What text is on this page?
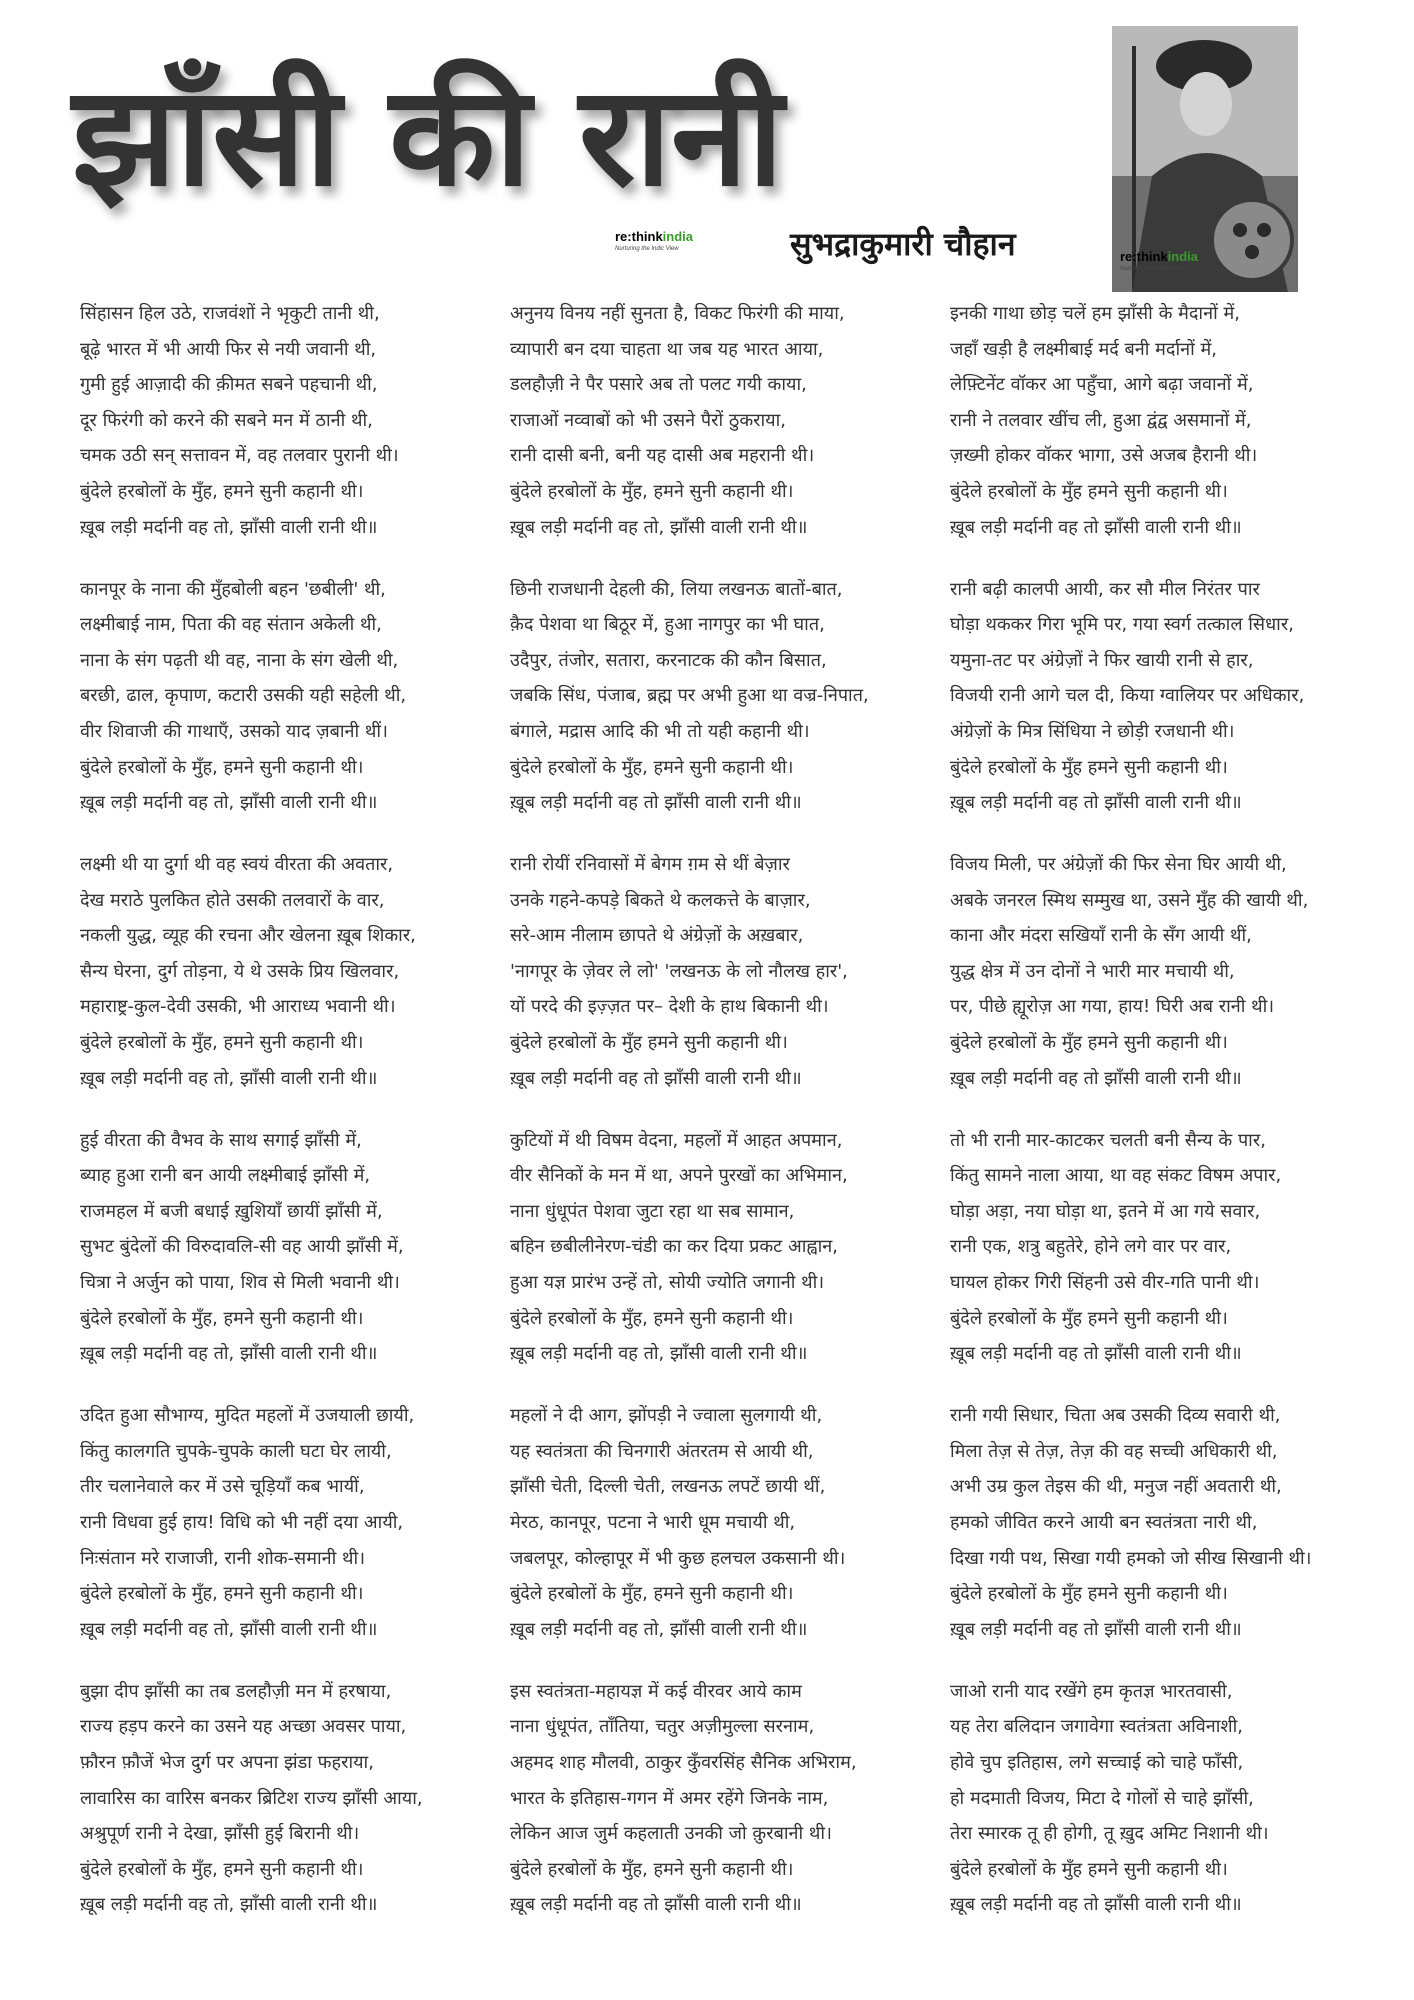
झाँसी की रानी
सुभद्राकुमारी चौहान
re:thinkindia
Nurturing the Indic View	re:thinkindia
Nurturing the Indic View
सिंहासन हिल उठे, राजवंशों ने भृकुटी तानी थी,
बूढ़े भारत में भी आयी फिर से नयी जवानी थी,
गुमी हुई आज़ादी की क़ीमत सबने पहचानी थी,
दूर फिरंगी को करने की सबने मन में ठानी थी,
चमक उठी सन् सत्तावन में, वह तलवार पुरानी थी।
बुंदेले हरबोलों के मुँह, हमने सुनी कहानी थी।
ख़ूब लड़ी मर्दानी वह तो, झाँसी वाली रानी थी॥
कानपूर के नाना की मुँहबोली बहन 'छबीली' थी,
लक्ष्मीबाई नाम, पिता की वह संतान अकेली थी,
नाना के संग पढ़ती थी वह, नाना के संग खेली थी,
बरछी, ढाल, कृपाण, कटारी उसकी यही सहेली थी,
वीर शिवाजी की गाथाएँ, उसको याद ज़बानी थीं।
बुंदेले हरबोलों के मुँह, हमने सुनी कहानी थी।
ख़ूब लड़ी मर्दानी वह तो, झाँसी वाली रानी थी॥
लक्ष्मी थी या दुर्गा थी वह स्वयं वीरता की अवतार,
देख मराठे पुलकित होते उसकी तलवारों के वार,
नकली युद्ध, व्यूह की रचना और खेलना ख़ूब शिकार,
सैन्य घेरना, दुर्ग तोड़ना, ये थे उसके प्रिय खिलवार,
महाराष्ट्र-कुल-देवी उसकी, भी आराध्य भवानी थी।
बुंदेले हरबोलों के मुँह, हमने सुनी कहानी थी।
ख़ूब लड़ी मर्दानी वह तो, झाँसी वाली रानी थी॥
हुई वीरता की वैभव के साथ सगाई झाँसी में,
ब्याह हुआ रानी बन आयी लक्ष्मीबाई झाँसी में,
राजमहल में बजी बधाई ख़ुशियाँ छायीं झाँसी में,
सुभट बुंदेलों की विरुदावलि-सी वह आयी झाँसी में,
चित्रा ने अर्जुन को पाया, शिव से मिली भवानी थी।
बुंदेले हरबोलों के मुँह, हमने सुनी कहानी थी।
ख़ूब लड़ी मर्दानी वह तो, झाँसी वाली रानी थी॥
उदित हुआ सौभाग्य, मुदित महलों में उजयाली छायी,
किंतु कालगति चुपके-चुपके काली घटा घेर लायी,
तीर चलानेवाले कर में उसे चूड़ियाँ कब भायीं,
रानी विधवा हुई हाय! विधि को भी नहीं दया आयी,
निःसंतान मरे राजाजी, रानी शोक-समानी थी।
बुंदेले हरबोलों के मुँह, हमने सुनी कहानी थी।
ख़ूब लड़ी मर्दानी वह तो, झाँसी वाली रानी थी॥
बुझा दीप झाँसी का तब डलहौज़ी मन में हरषाया,
राज्य हड़प करने का उसने यह अच्छा अवसर पाया,
फ़ौरन फ़ौजें भेज दुर्ग पर अपना झंडा फहराया,
लावारिस का वारिस बनकर ब्रिटिश राज्य झाँसी आया,
अश्रुपूर्ण रानी ने देखा, झाँसी हुई बिरानी थी।
बुंदेले हरबोलों के मुँह, हमने सुनी कहानी थी।
ख़ूब लड़ी मर्दानी वह तो, झाँसी वाली रानी थी॥
अनुनय विनय नहीं सुनता है, विकट फिरंगी की माया,
व्यापारी बन दया चाहता था जब यह भारत आया,
डलहौज़ी ने पैर पसारे अब तो पलट गयी काया,
राजाओं नव्वाबों को भी उसने पैरों ठुकराया,
रानी दासी बनी, बनी यह दासी अब महरानी थी।
बुंदेले हरबोलों के मुँह, हमने सुनी कहानी थी।
ख़ूब लड़ी मर्दानी वह तो, झाँसी वाली रानी थी॥
छिनी राजधानी देहली की, लिया लखनऊ बातों-बात,
क़ैद पेशवा था बिठूर में, हुआ नागपुर का भी घात,
उदैपुर, तंजोर, सतारा, करनाटक की कौन बिसात,
जबकि सिंध, पंजाब, ब्रह्म पर अभी हुआ था वज्र-निपात,
बंगाले, मद्रास आदि की भी तो यही कहानी थी।
बुंदेले हरबोलों के मुँह, हमने सुनी कहानी थी।
ख़ूब लड़ी मर्दानी वह तो झाँसी वाली रानी थी॥
रानी रोयीं रनिवासों में बेगम ग़म से थीं बेज़ार
उनके गहने-कपड़े बिकते थे कलकत्ते के बाज़ार,
सरे-आम नीलाम छापते थे अंग्रेज़ों के अख़बार,
'नागपूर के ज़ेवर ले लो' 'लखनऊ के लो नौलख हार',
यों परदे की इज़्ज़त पर– देशी के हाथ बिकानी थी।
बुंदेले हरबोलों के मुँह हमने सुनी कहानी थी।
ख़ूब लड़ी मर्दानी वह तो झाँसी वाली रानी थी॥
कुटियों में थी विषम वेदना, महलों में आहत अपमान,
वीर सैनिकों के मन में था, अपने पुरखों का अभिमान,
नाना धुंधूपंत पेशवा जुटा रहा था सब सामान,
बहिन छबीलीनेरण-चंडी का कर दिया प्रकट आह्वान,
हुआ यज्ञ प्रारंभ उन्हें तो, सोयी ज्योति जगानी थी।
बुंदेले हरबोलों के मुँह, हमने सुनी कहानी थी।
ख़ूब लड़ी मर्दानी वह तो, झाँसी वाली रानी थी॥
महलों ने दी आग, झोंपड़ी ने ज्वाला सुलगायी थी,
यह स्वतंत्रता की चिनगारी अंतरतम से आयी थी,
झाँसी चेती, दिल्ली चेती, लखनऊ लपटें छायी थीं,
मेरठ, कानपूर, पटना ने भारी धूम मचायी थी,
जबलपूर, कोल्हापूर में भी कुछ हलचल उकसानी थी।
बुंदेले हरबोलों के मुँह, हमने सुनी कहानी थी।
ख़ूब लड़ी मर्दानी वह तो, झाँसी वाली रानी थी॥
इस स्वतंत्रता-महायज्ञ में कई वीरवर आये काम
नाना धुंधूपंत, ताँतिया, चतुर अज़ीमुल्ला सरनाम,
अहमद शाह मौलवी, ठाकुर कुँवरसिंह सैनिक अभिराम,
भारत के इतिहास-गगन में अमर रहेंगे जिनके नाम,
लेकिन आज जुर्म कहलाती उनकी जो क़ुरबानी थी।
बुंदेले हरबोलों के मुँह, हमने सुनी कहानी थी।
ख़ूब लड़ी मर्दानी वह तो झाँसी वाली रानी थी॥
इनकी गाथा छोड़ चलें हम झाँसी के मैदानों में,
जहाँ खड़ी है लक्ष्मीबाई मर्द बनी मर्दानों में,
लेफ़्टिनेंट वॉकर आ पहुँचा, आगे बढ़ा जवानों में,
रानी ने तलवार खींच ली, हुआ द्वंद्व असमानों में,
ज़ख्मी होकर वॉकर भागा, उसे अजब हैरानी थी।
बुंदेले हरबोलों के मुँह हमने सुनी कहानी थी।
ख़ूब लड़ी मर्दानी वह तो झाँसी वाली रानी थी॥
रानी बढ़ी कालपी आयी, कर सौ मील निरंतर पार
घोड़ा थककर गिरा भूमि पर, गया स्वर्ग तत्काल सिधार,
यमुना-तट पर अंग्रेज़ों ने फिर खायी रानी से हार,
विजयी रानी आगे चल दी, किया ग्वालियर पर अधिकार,
अंग्रेज़ों के मित्र सिंधिया ने छोड़ी रजधानी थी।
बुंदेले हरबोलों के मुँह हमने सुनी कहानी थी।
ख़ूब लड़ी मर्दानी वह तो झाँसी वाली रानी थी॥
विजय मिली, पर अंग्रेज़ों की फिर सेना घिर आयी थी,
अबके जनरल स्मिथ सम्मुख था, उसने मुँह की खायी थी,
काना और मंदरा सखियाँ रानी के सँग आयी थीं,
युद्ध क्षेत्र में उन दोनों ने भारी मार मचायी थी,
पर, पीछे ह्यूरोज़ आ गया, हाय! घिरी अब रानी थी।
बुंदेले हरबोलों के मुँह हमने सुनी कहानी थी।
ख़ूब लड़ी मर्दानी वह तो झाँसी वाली रानी थी॥
तो भी रानी मार-काटकर चलती बनी सैन्य के पार,
किंतु सामने नाला आया, था वह संकट विषम अपार,
घोड़ा अड़ा, नया घोड़ा था, इतने में आ गये सवार,
रानी एक, शत्रु बहुतेरे, होने लगे वार पर वार,
घायल होकर गिरी सिंहनी उसे वीर-गति पानी थी।
बुंदेले हरबोलों के मुँह हमने सुनी कहानी थी।
ख़ूब लड़ी मर्दानी वह तो झाँसी वाली रानी थी॥
रानी गयी सिधार, चिता अब उसकी दिव्य सवारी थी,
मिला तेज़ से तेज़, तेज़ की वह सच्ची अधिकारी थी,
अभी उम्र कुल तेइस की थी, मनुज नहीं अवतारी थी,
हमको जीवित करने आयी बन स्वतंत्रता नारी थी,
दिखा गयी पथ, सिखा गयी हमको जो सीख सिखानी थी।
बुंदेले हरबोलों के मुँह हमने सुनी कहानी थी।
ख़ूब लड़ी मर्दानी वह तो झाँसी वाली रानी थी॥
जाओ रानी याद रखेंगे हम कृतज्ञ भारतवासी,
यह तेरा बलिदान जगावेगा स्वतंत्रता अविनाशी,
होवे चुप इतिहास, लगे सच्चाई को चाहे फाँसी,
हो मदमाती विजय, मिटा दे गोलों से चाहे झाँसी,
तेरा स्मारक तू ही होगी, तू ख़ुद अमिट निशानी थी।
बुंदेले हरबोलों के मुँह हमने सुनी कहानी थी।
ख़ूब लड़ी मर्दानी वह तो झाँसी वाली रानी थी॥
